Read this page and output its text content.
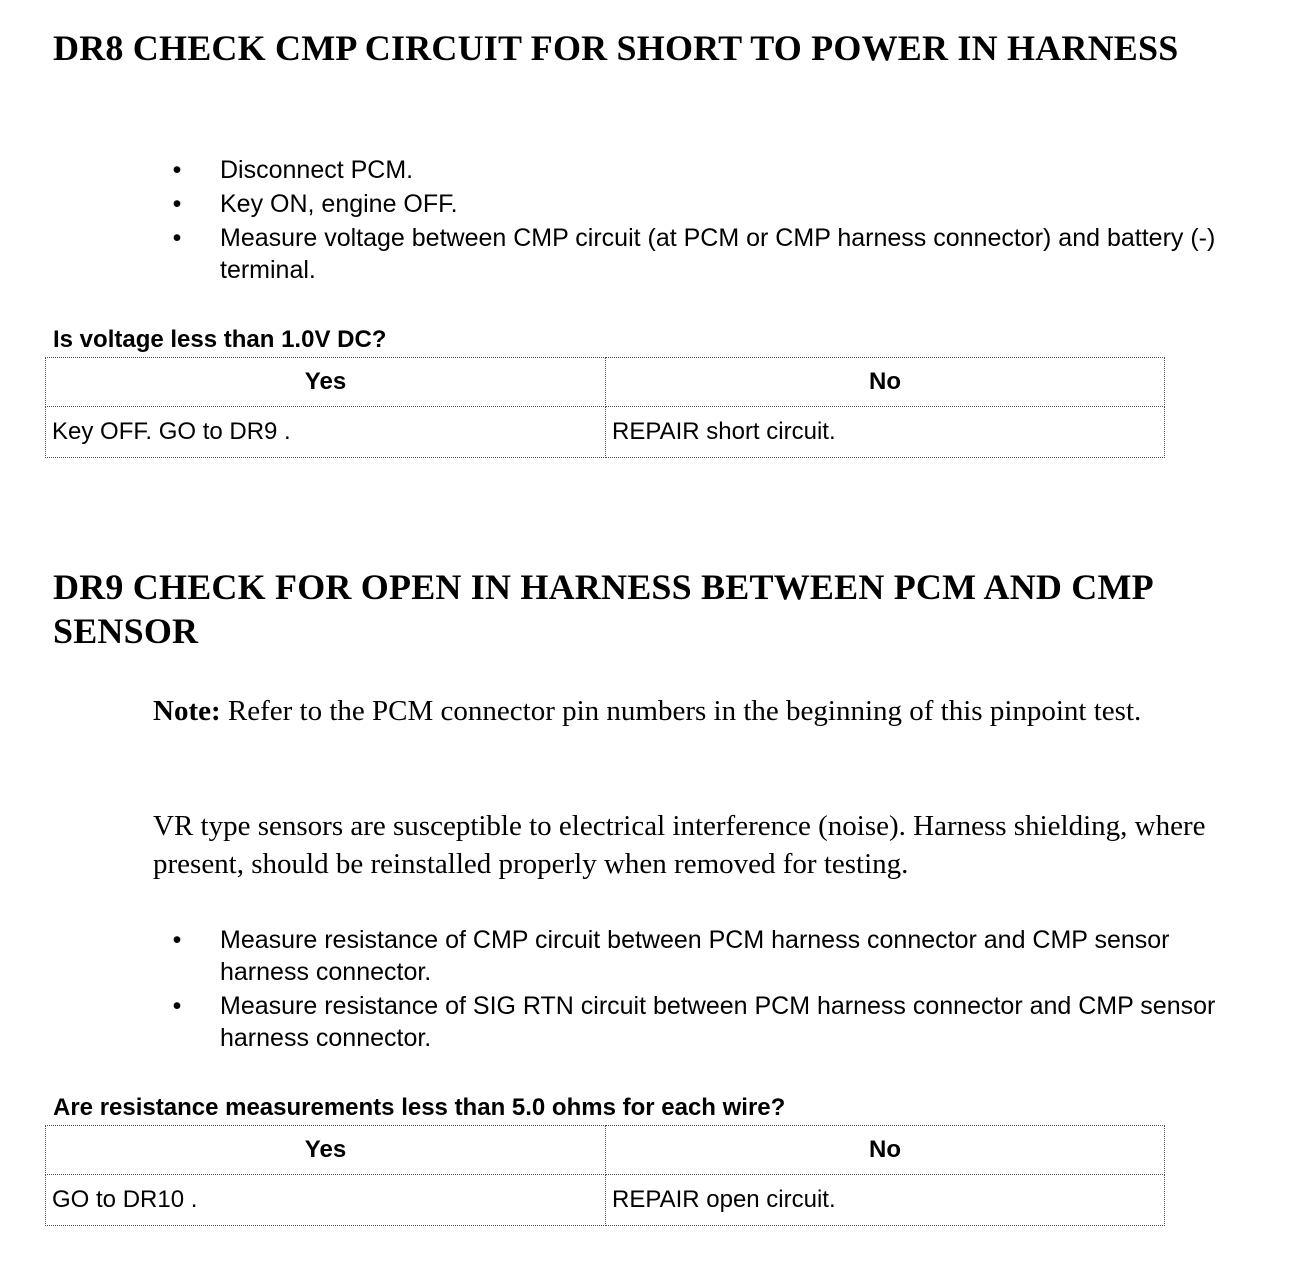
DR8 CHECK CMP CIRCUIT FOR SHORT TO POWER IN HARNESS
• Disconnect PCM.
• Key ON, engine OFF.
• Measure voltage between CMP circuit (at PCM or CMP harness connector) and battery (-) terminal.

Is voltage less than 1.0V DC?

Yes	No
Key OFF. GO to DR9 .	REPAIR short circuit.
DR9 CHECK FOR OPEN IN HARNESS BETWEEN PCM AND CMP SENSOR

Note: Refer to the PCM connector pin numbers in the beginning of this pinpoint test.

VR type sensors are susceptible to electrical interference (noise). Harness shielding, where present, should be reinstalled properly when removed for testing.

• Measure resistance of CMP circuit between PCM harness connector and CMP sensor harness connector.
• Measure resistance of SIG RTN circuit between PCM harness connector and CMP sensor harness connector.

Are resistance measurements less than 5.0 ohms for each wire?

Yes	No
GO to DR10 .	REPAIR open circuit.
